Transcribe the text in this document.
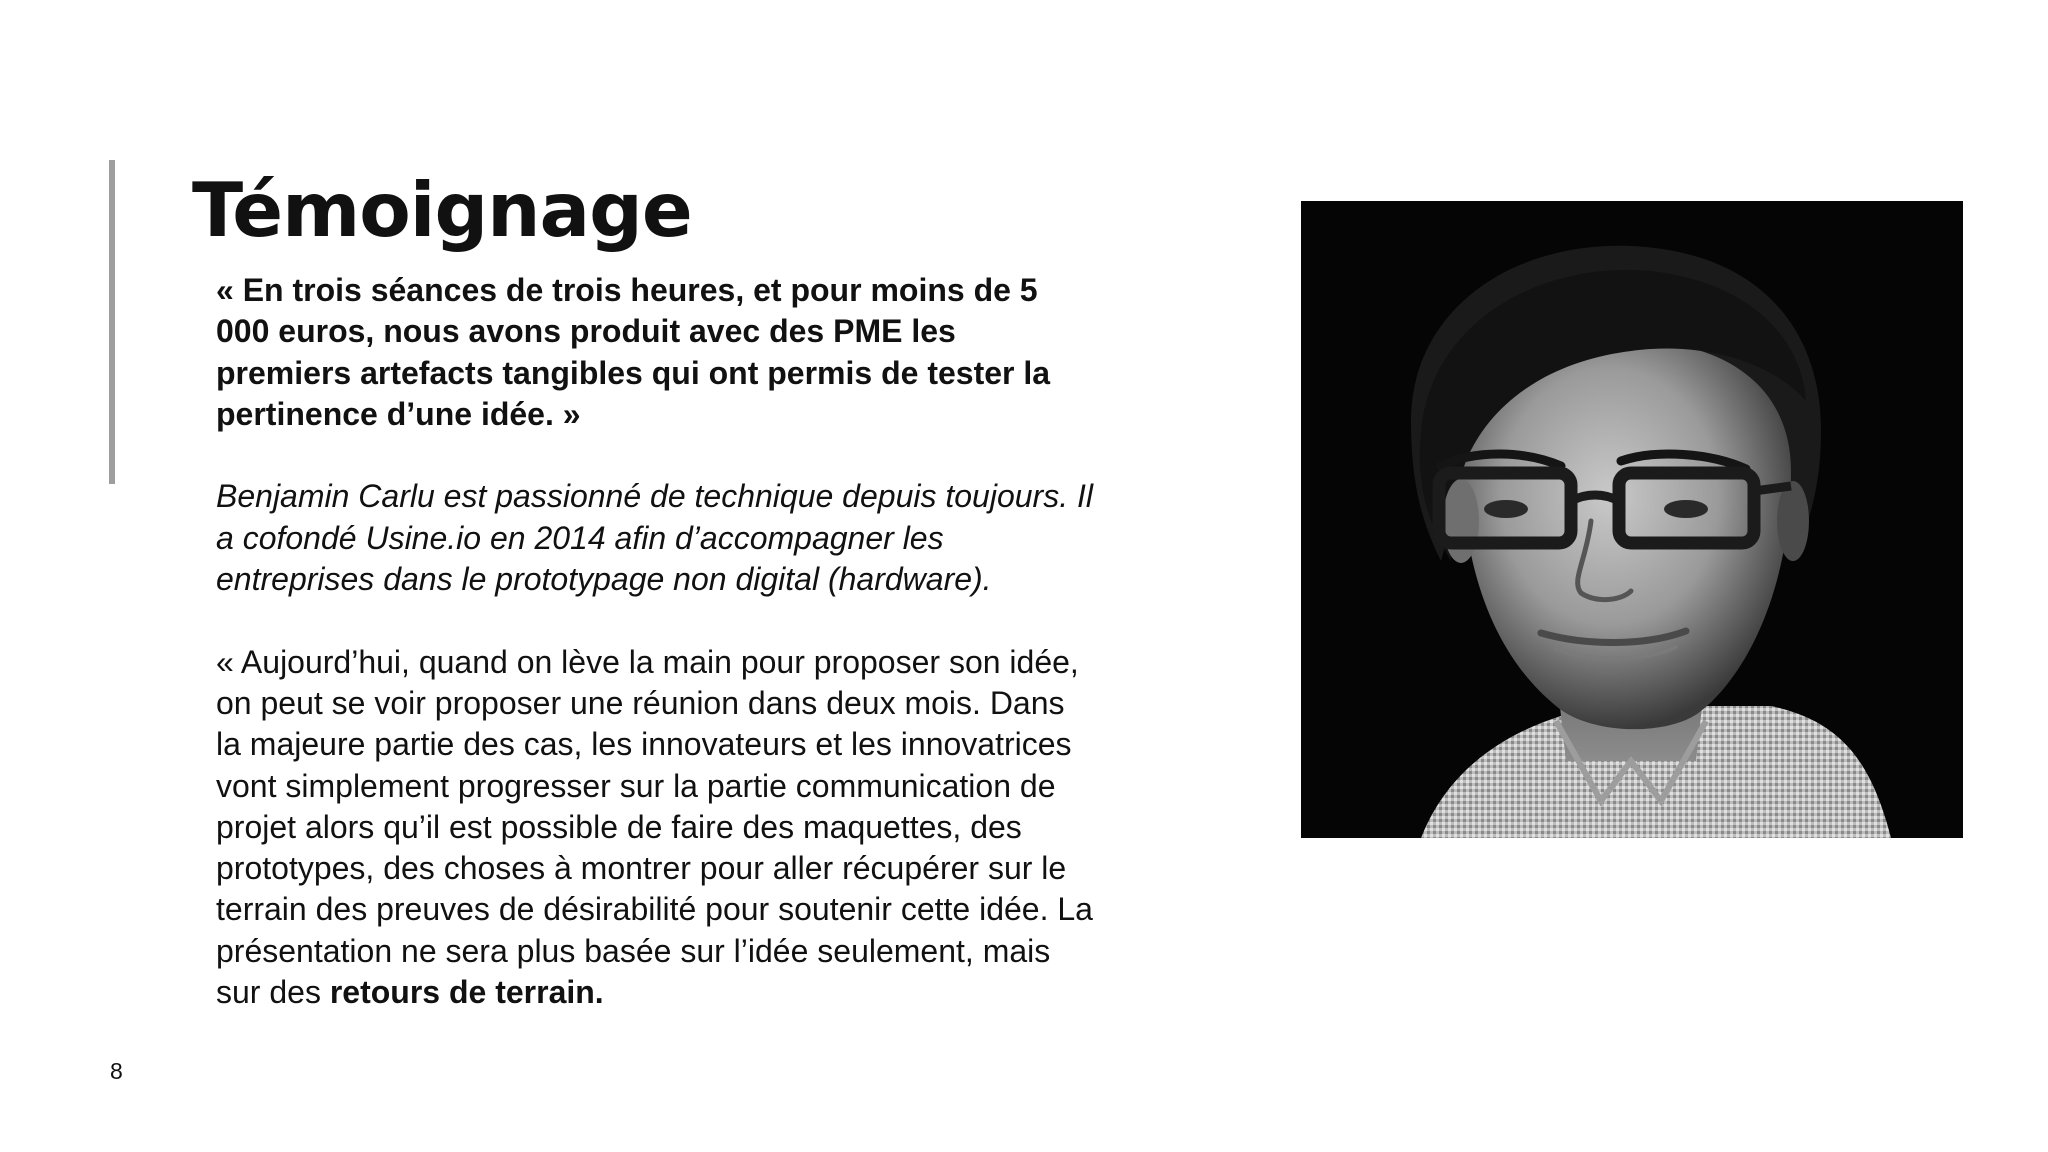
Témoignage

« En trois séances de trois heures, et pour moins de 5 000 euros, nous avons produit avec des PME les premiers artefacts tangibles qui ont permis de tester la pertinence d’une idée. »

Benjamin Carlu est passionné de technique depuis toujours. Il a cofondé Usine.io en 2014 afin d’accompagner les entreprises dans le prototypage non digital (hardware).

« Aujourd’hui, quand on lève la main pour proposer son idée, on peut se voir proposer une réunion dans deux mois. Dans la majeure partie des cas, les innovateurs et les innovatrices vont simplement progresser sur la partie communication de projet alors qu’il est possible de faire des maquettes, des prototypes, des choses à montrer pour aller récupérer sur le terrain des preuves de désirabilité pour soutenir cette idée. La présentation ne sera plus basée sur l’idée seulement, mais sur des retours de terrain.

8
